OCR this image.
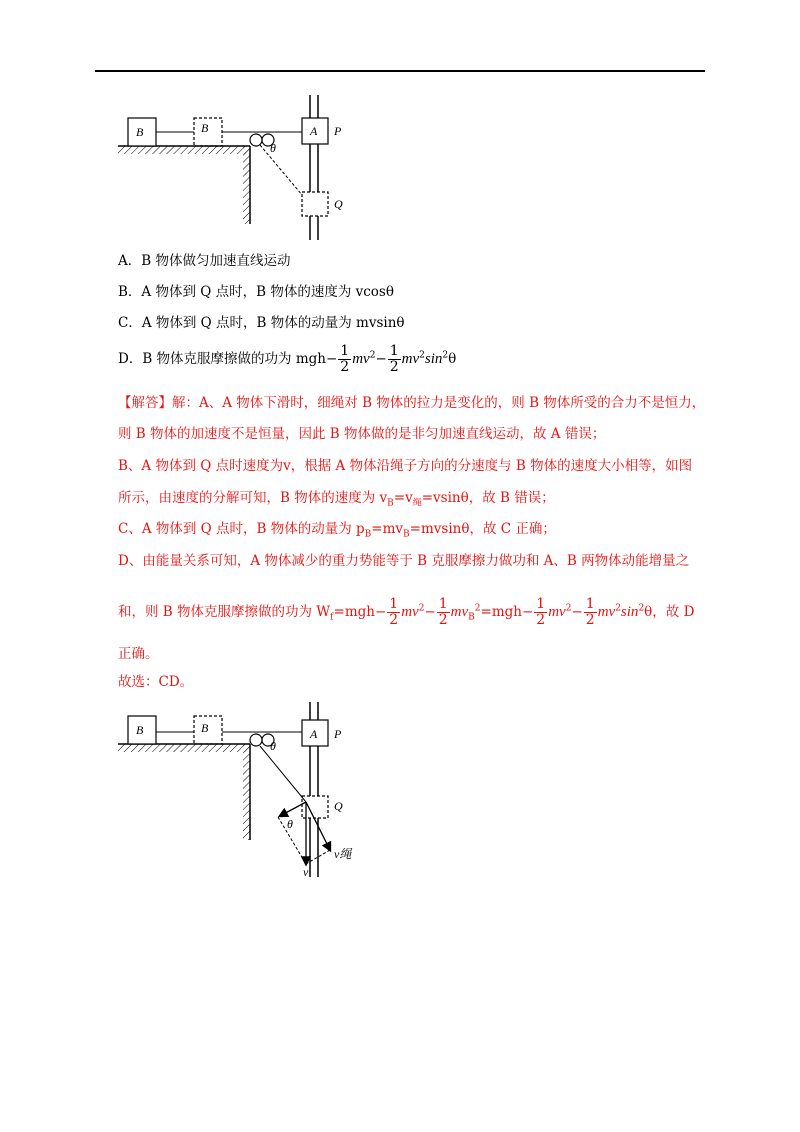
B	B
θ
A P
Q
A．B 物体做匀加速直线运动
B．A 物体到 Q 点时，B 物体的速度为 vcosθ
C．A 物体到 Q 点时，B 物体的动量为 mvsinθ
D．B 物体克服摩擦做的功为 $mgh- \frac{1}{2} mv^2- \frac{1}{2} mv^2\sin^2\theta$
【解答】解：A、A 物体下滑时，细绳对 B 物体的拉力是变化的，则 B 物体所受的合力不是恒力，
则 B 物体的加速度不是恒量，因此 B 物体做的是非匀加速直线运动，故 A 错误；
B、A 物体到 Q 点时速度为v，根据 A 物体沿绳子方向的分速度与 B 物体的速度大小相等，如图
所示，由速度的分解可知，B 物体的速度为 $v_B=v_绳=vsin\theta$，故 B 错误；
C、A 物体到 Q 点时，B 物体的动量为 $p_B=mv_B=mvsin\theta$，故 C 正确；
D、由能量关系可知，A 物体减少的重力势能等于 B 克服摩擦力做功和 A、B 两物体动能增量之
和，则 B 物体克服摩擦做的功为 $W_f=mgh- \frac{1}{2} mv^2- \frac{1}{2} mv_B^2=mgh- \frac{1}{2} mv^2- \frac{1}{2} mv^2\sin^2\theta$，故 D
正确。
故选：CD。
B	B
θ
A P
Q
θ
v
v绳
